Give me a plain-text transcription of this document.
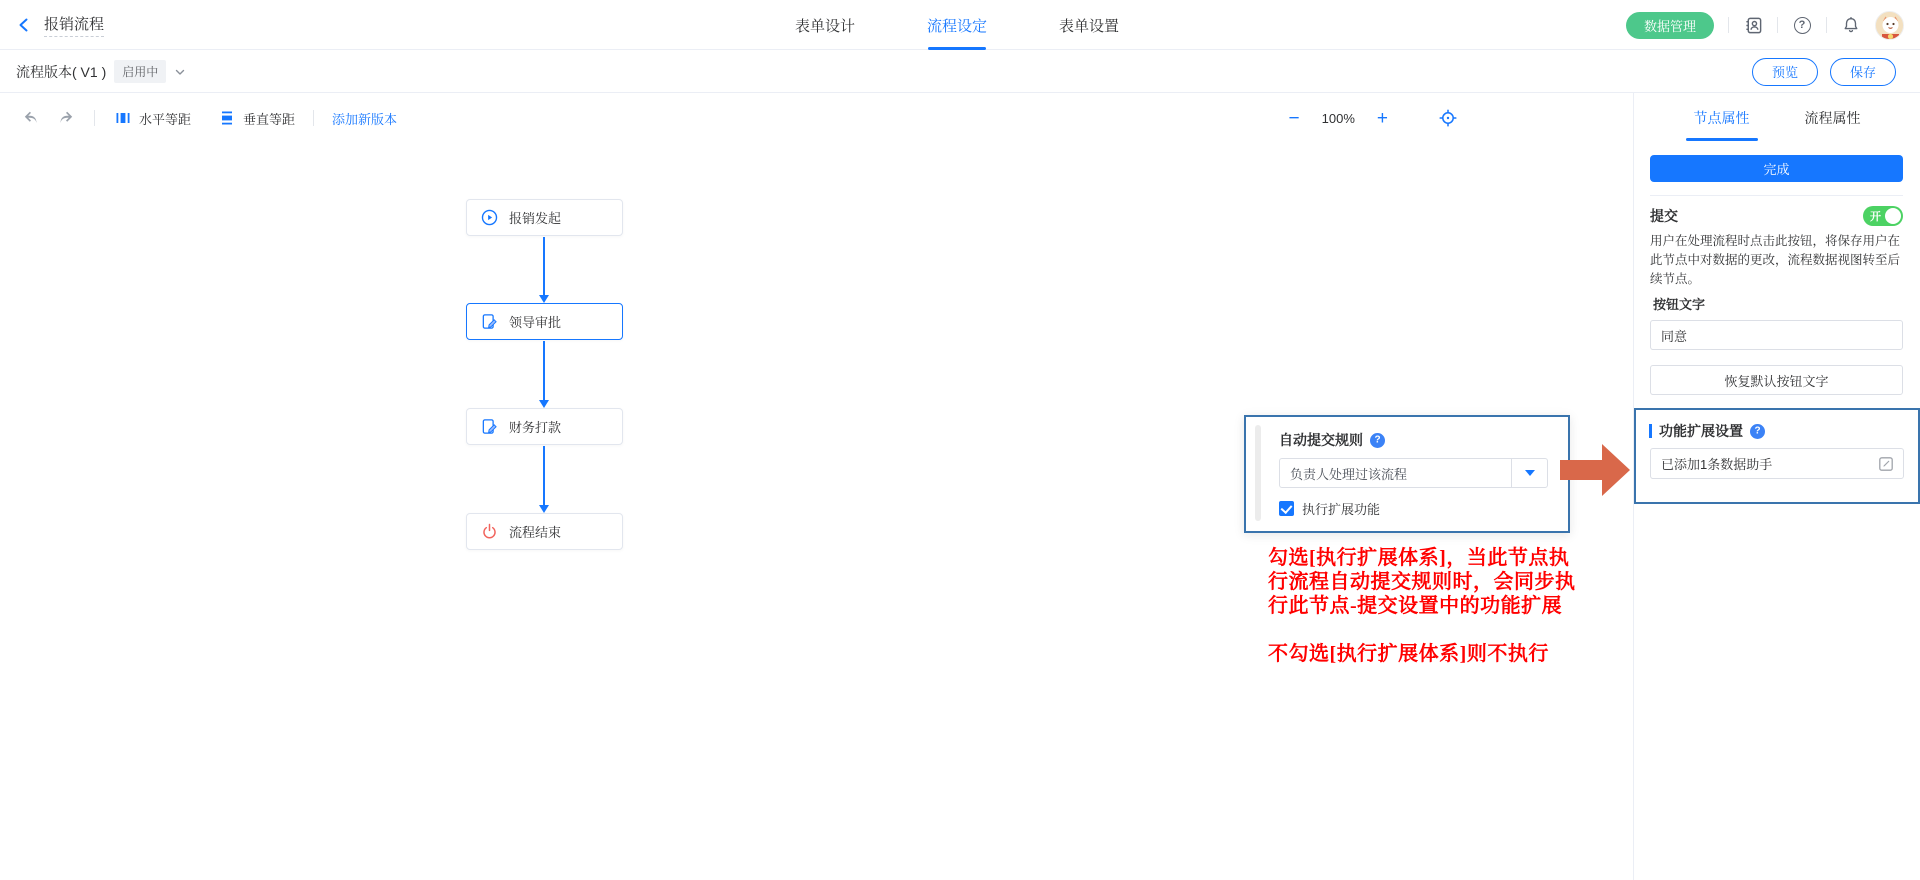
报销流程	表单设计	流程设定	表单设置	数据管理
?
流程版本( V1 )	启用中	预览	保存
水平等距	垂直等距	添加新版本	− 100% +
报销发起
领导审批
财务打款
流程结束
自动提交规则
?
负责人处理过该流程
执行扩展功能
勾选[执行扩展体系]，当此节点执
行流程自动提交规则时，会同步执
行此节点-提交设置中的功能扩展
不勾选[执行扩展体系]则不执行
节点属性	流程属性
完成
提交	开
用户在处理流程时点击此按钮，将保存用户在此节点中对数据的更改，流程数据视图转至后续节点。
按钮文字
同意
恢复默认按钮文字
功能扩展设置
?
已添加1条数据助手
